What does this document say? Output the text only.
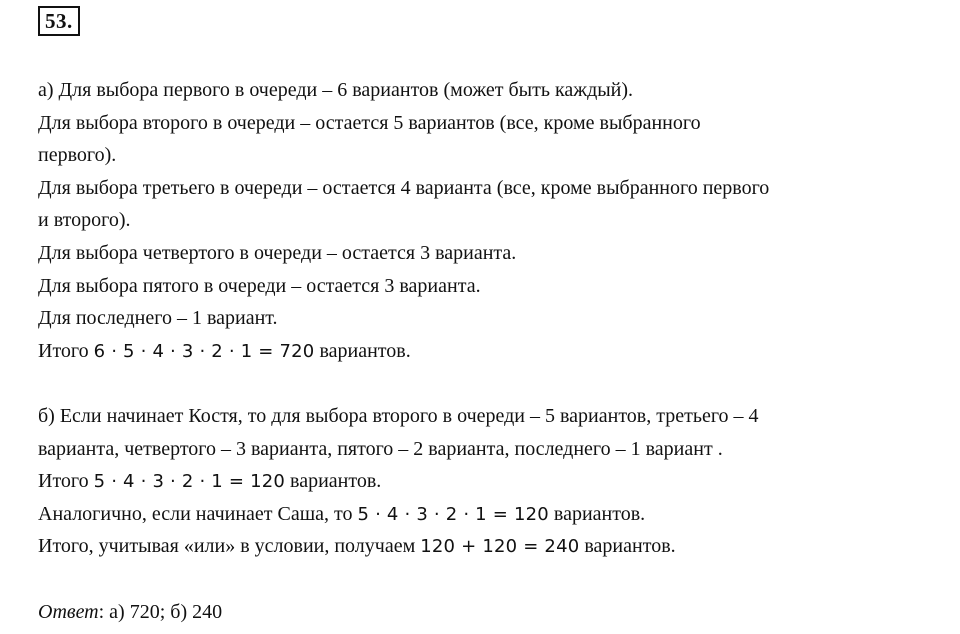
53.
а) Для выбора первого в очереди – 6 вариантов (может быть каждый).
Для выбора второго в очереди – остается 5 вариантов (все, кроме выбранного
первого).
Для выбора третьего в очереди – остается 4 варианта (все, кроме выбранного первого
и второго).
Для выбора четвертого в очереди – остается 3 варианта.
Для выбора пятого в очереди – остается 3 варианта.
Для последнего – 1 вариант.
Итого 6 ⋅ 5 ⋅ 4 ⋅ 3 ⋅ 2 ⋅ 1 = 720 вариантов.
б) Если начинает Костя, то для выбора второго в очереди – 5 вариантов, третьего – 4
варианта, четвертого – 3 варианта, пятого – 2 варианта, последнего – 1 вариант .
Итого 5 ⋅ 4 ⋅ 3 ⋅ 2 ⋅ 1 = 120 вариантов.
Аналогично, если начинает Саша, то 5 ⋅ 4 ⋅ 3 ⋅ 2 ⋅ 1 = 120 вариантов.
Итого, учитывая «или» в условии, получаем 120 + 120 = 240 вариантов.
Ответ: а) 720; б) 240
